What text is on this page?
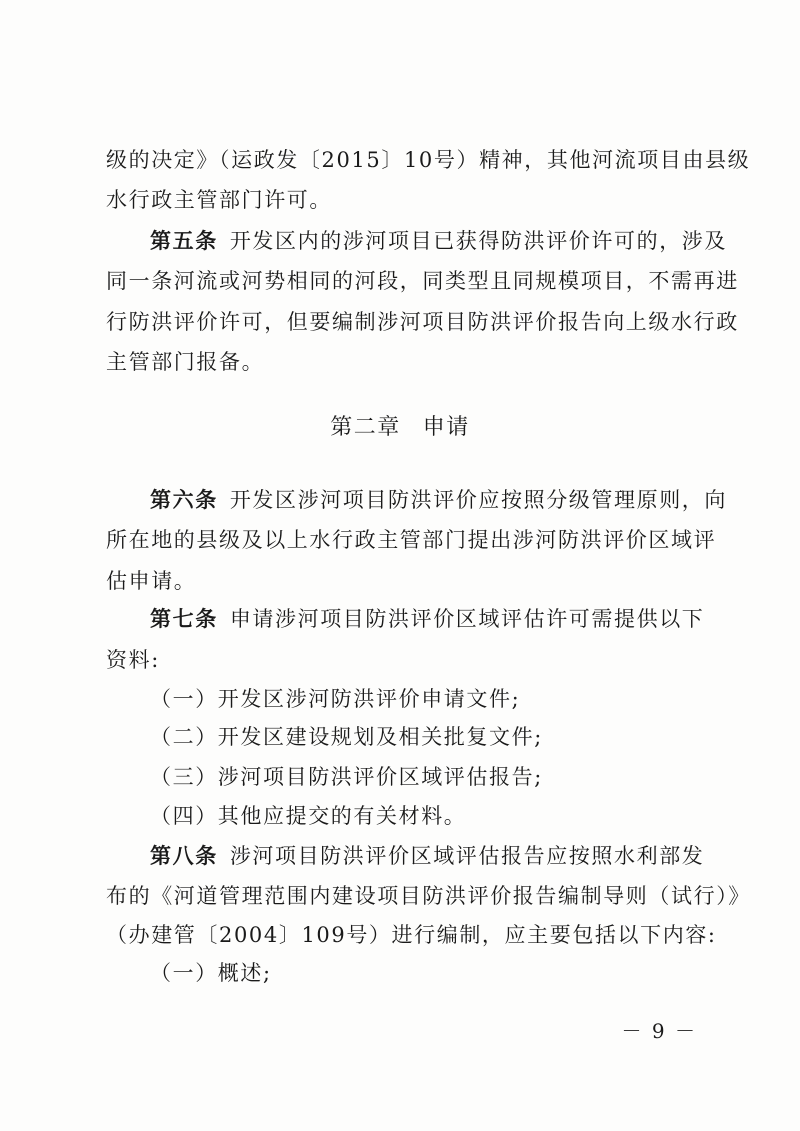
级的决定》（运政发〔2015〕10号）精神，其他河流项目由县级
水行政主管部门许可。
第五条 开发区内的涉河项目已获得防洪评价许可的，涉及
同一条河流或河势相同的河段，同类型且同规模项目，不需再进
行防洪评价许可，但要编制涉河项目防洪评价报告向上级水行政
主管部门报备。
第二章 申请
第六条 开发区涉河项目防洪评价应按照分级管理原则，向
所在地的县级及以上水行政主管部门提出涉河防洪评价区域评
估申请。
第七条 申请涉河项目防洪评价区域评估许可需提供以下
资料:
（一）开发区涉河防洪评价申请文件;
（二）开发区建设规划及相关批复文件;
（三）涉河项目防洪评价区域评估报告;
（四）其他应提交的有关材料。
第八条 涉河项目防洪评价区域评估报告应按照水利部发
布的《河道管理范围内建设项目防洪评价报告编制导则（试行）》
（办建管〔2004〕109号）进行编制，应主要包括以下内容:
（一）概述;
－ 9 －
